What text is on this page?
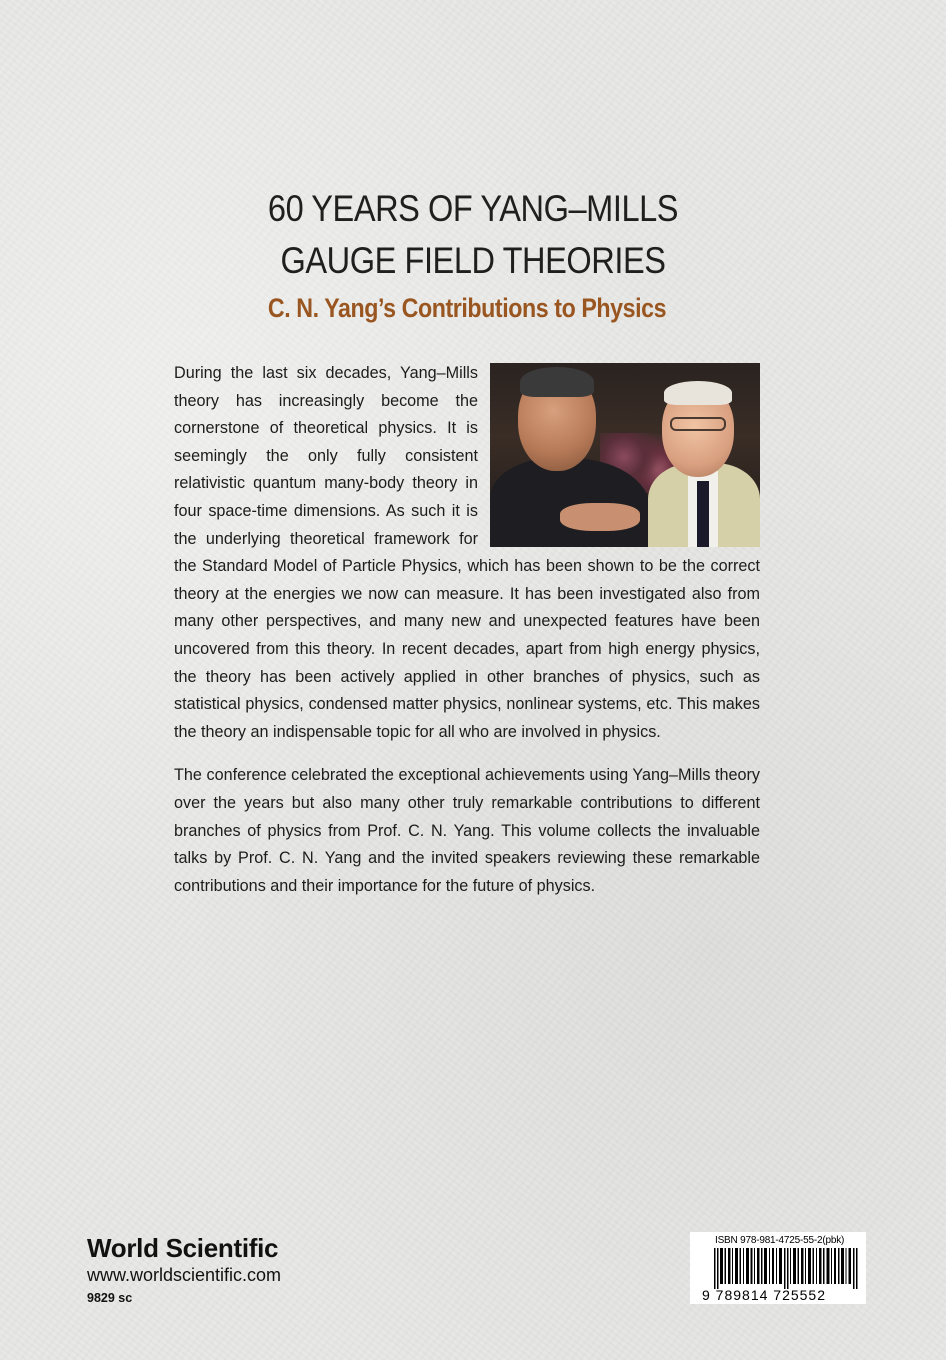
60 YEARS OF YANG–MILLS
GAUGE FIELD THEORIES
C. N. Yang’s Contributions to Physics

During the last six decades, Yang–Mills theory has increasingly become the cornerstone of theoretical physics. It is seemingly the only fully consistent relativistic quantum many-body theory in four space-time dimensions. As such it is the underlying theoretical framework for the Standard Model of Particle Physics, which has been shown to be the correct theory at the energies we now can measure. It has been investigated also from many other perspectives, and many new and unexpected features have been uncovered from this theory. In recent decades, apart from high energy physics, the theory has been actively applied in other branches of physics, such as statistical physics, condensed matter physics, nonlinear systems, etc. This makes the theory an indispensable topic for all who are involved in physics.

The conference celebrated the exceptional achievements using Yang–Mills theory over the years but also many other truly remarkable contributions to different branches of physics from Prof. C. N. Yang. This volume collects the invaluable talks by Prof. C. N. Yang and the invited speakers reviewing these remarkable contributions and their importance for the future of physics.

World Scientific
www.worldscientific.com
9829 sc
ISBN 978-981-4725-55-2(pbk)
9 789814 725552
